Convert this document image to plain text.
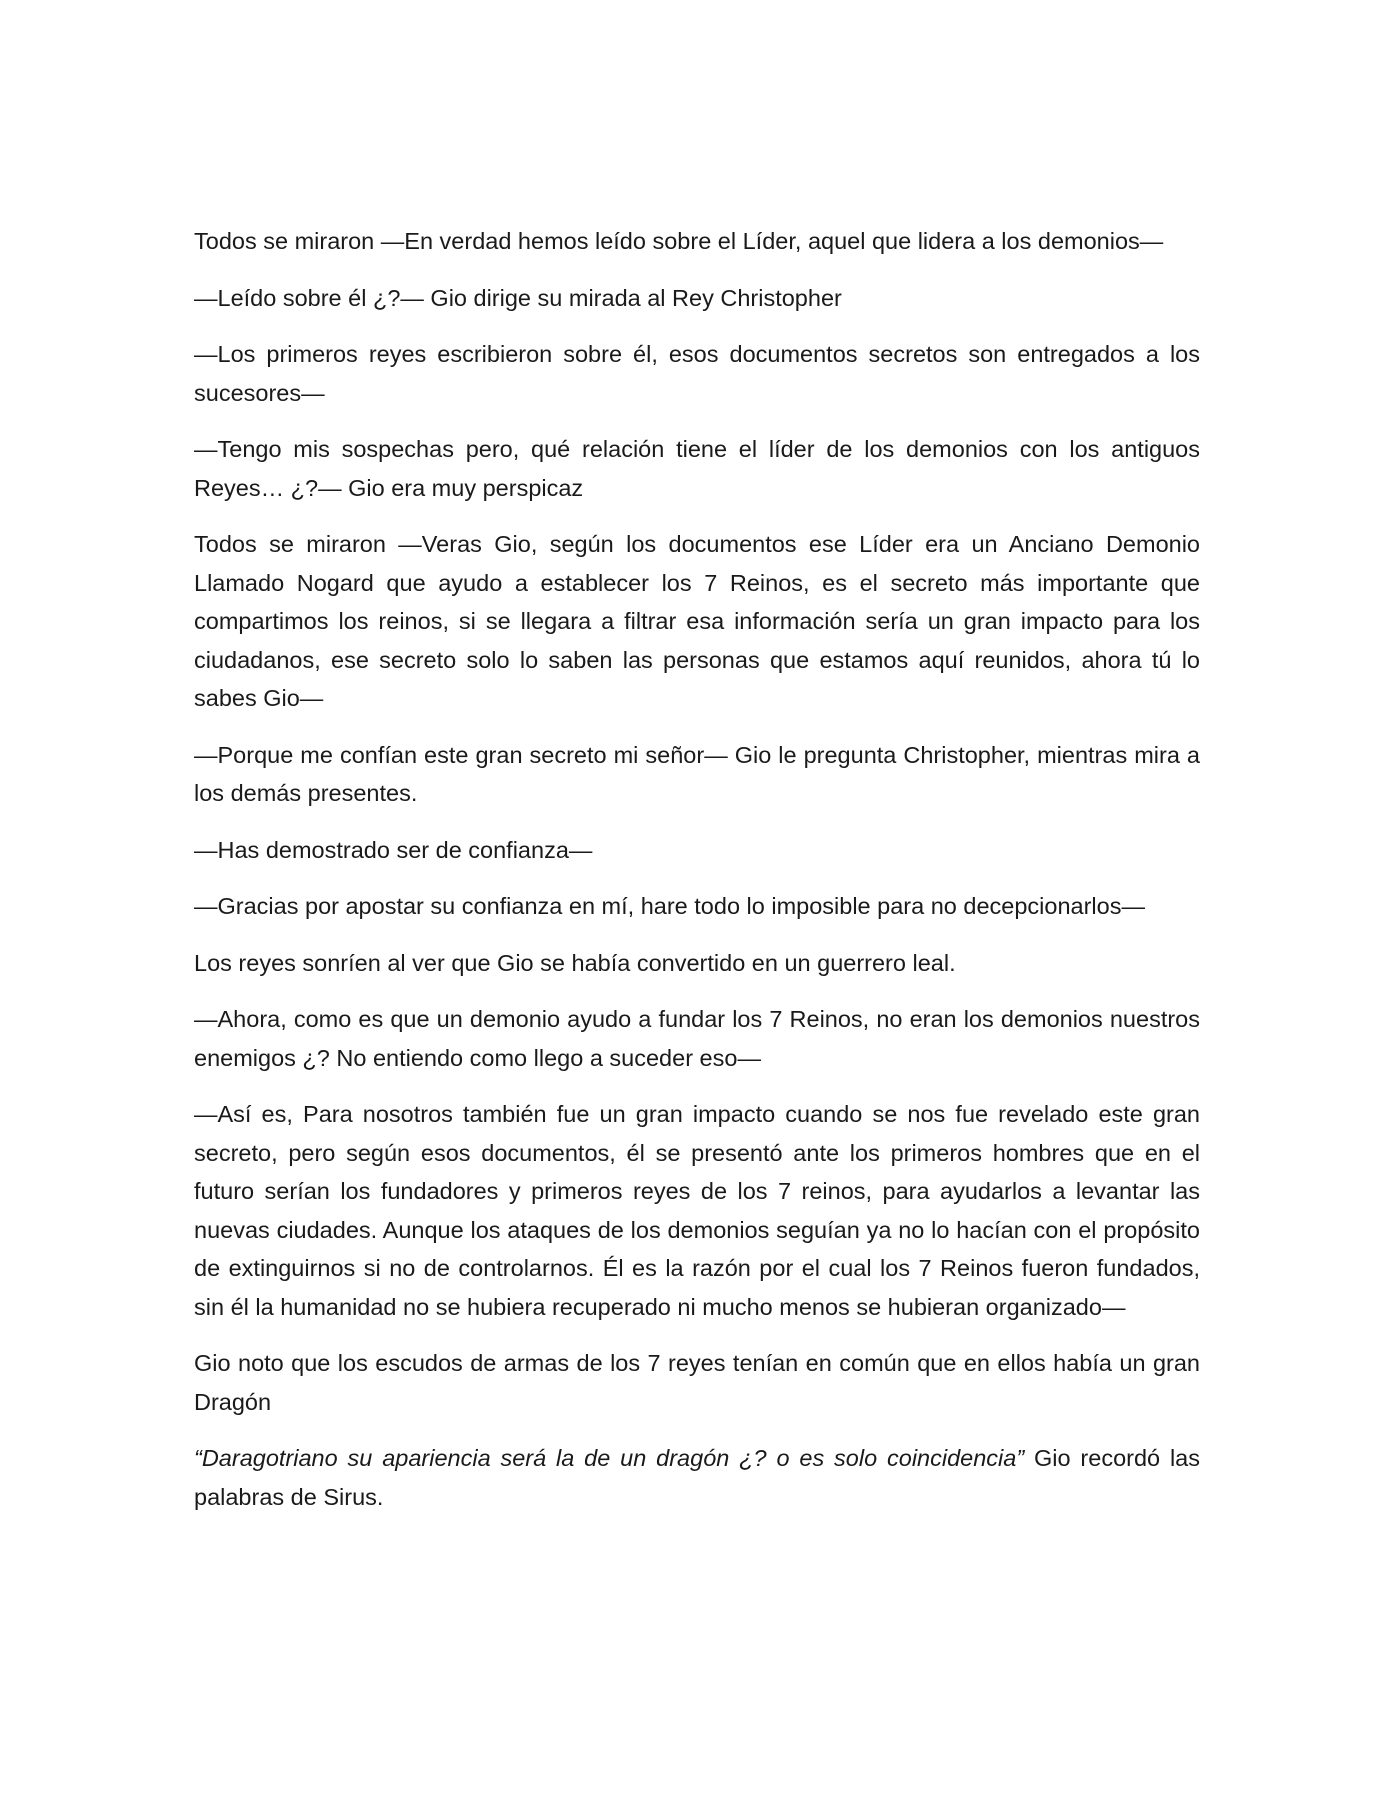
Todos se miraron —En verdad hemos leído sobre el Líder, aquel que lidera a los demonios—

—Leído sobre él ¿?— Gio dirige su mirada al Rey Christopher

—Los primeros reyes escribieron sobre él, esos documentos secretos son entregados a los sucesores—

—Tengo mis sospechas pero, qué relación tiene el líder de los demonios con los antiguos Reyes… ¿?— Gio era muy perspicaz

Todos se miraron —Veras Gio, según los documentos ese Líder era un Anciano Demonio Llamado Nogard que ayudo a establecer los 7 Reinos, es el secreto más importante que compartimos los reinos, si se llegara a filtrar esa información sería un gran impacto para los ciudadanos, ese secreto solo lo saben las personas que estamos aquí reunidos, ahora tú lo sabes Gio—

—Porque me confían este gran secreto mi señor— Gio le pregunta Christopher, mientras mira a los demás presentes.

—Has demostrado ser de confianza—

—Gracias por apostar su confianza en mí, hare todo lo imposible para no decepcionarlos—

Los reyes sonríen al ver que Gio se había convertido en un guerrero leal.

—Ahora, como es que un demonio ayudo a fundar los 7 Reinos, no eran los demonios nuestros enemigos ¿? No entiendo como llego a suceder eso—

—Así es, Para nosotros también fue un gran impacto cuando se nos fue revelado este gran secreto, pero según esos documentos, él se presentó ante los primeros hombres que en el futuro serían los fundadores y primeros reyes de los 7 reinos, para ayudarlos a levantar las nuevas ciudades. Aunque los ataques de los demonios seguían ya no lo hacían con el propósito de extinguirnos si no de controlarnos. Él es la razón por el cual los 7 Reinos fueron fundados, sin él la humanidad no se hubiera recuperado ni mucho menos se hubieran organizado—

Gio noto que los escudos de armas de los 7 reyes tenían en común que en ellos había un gran Dragón

“Daragotriano su apariencia será la de un dragón ¿? o es solo coincidencia” Gio recordó las palabras de Sirus.
